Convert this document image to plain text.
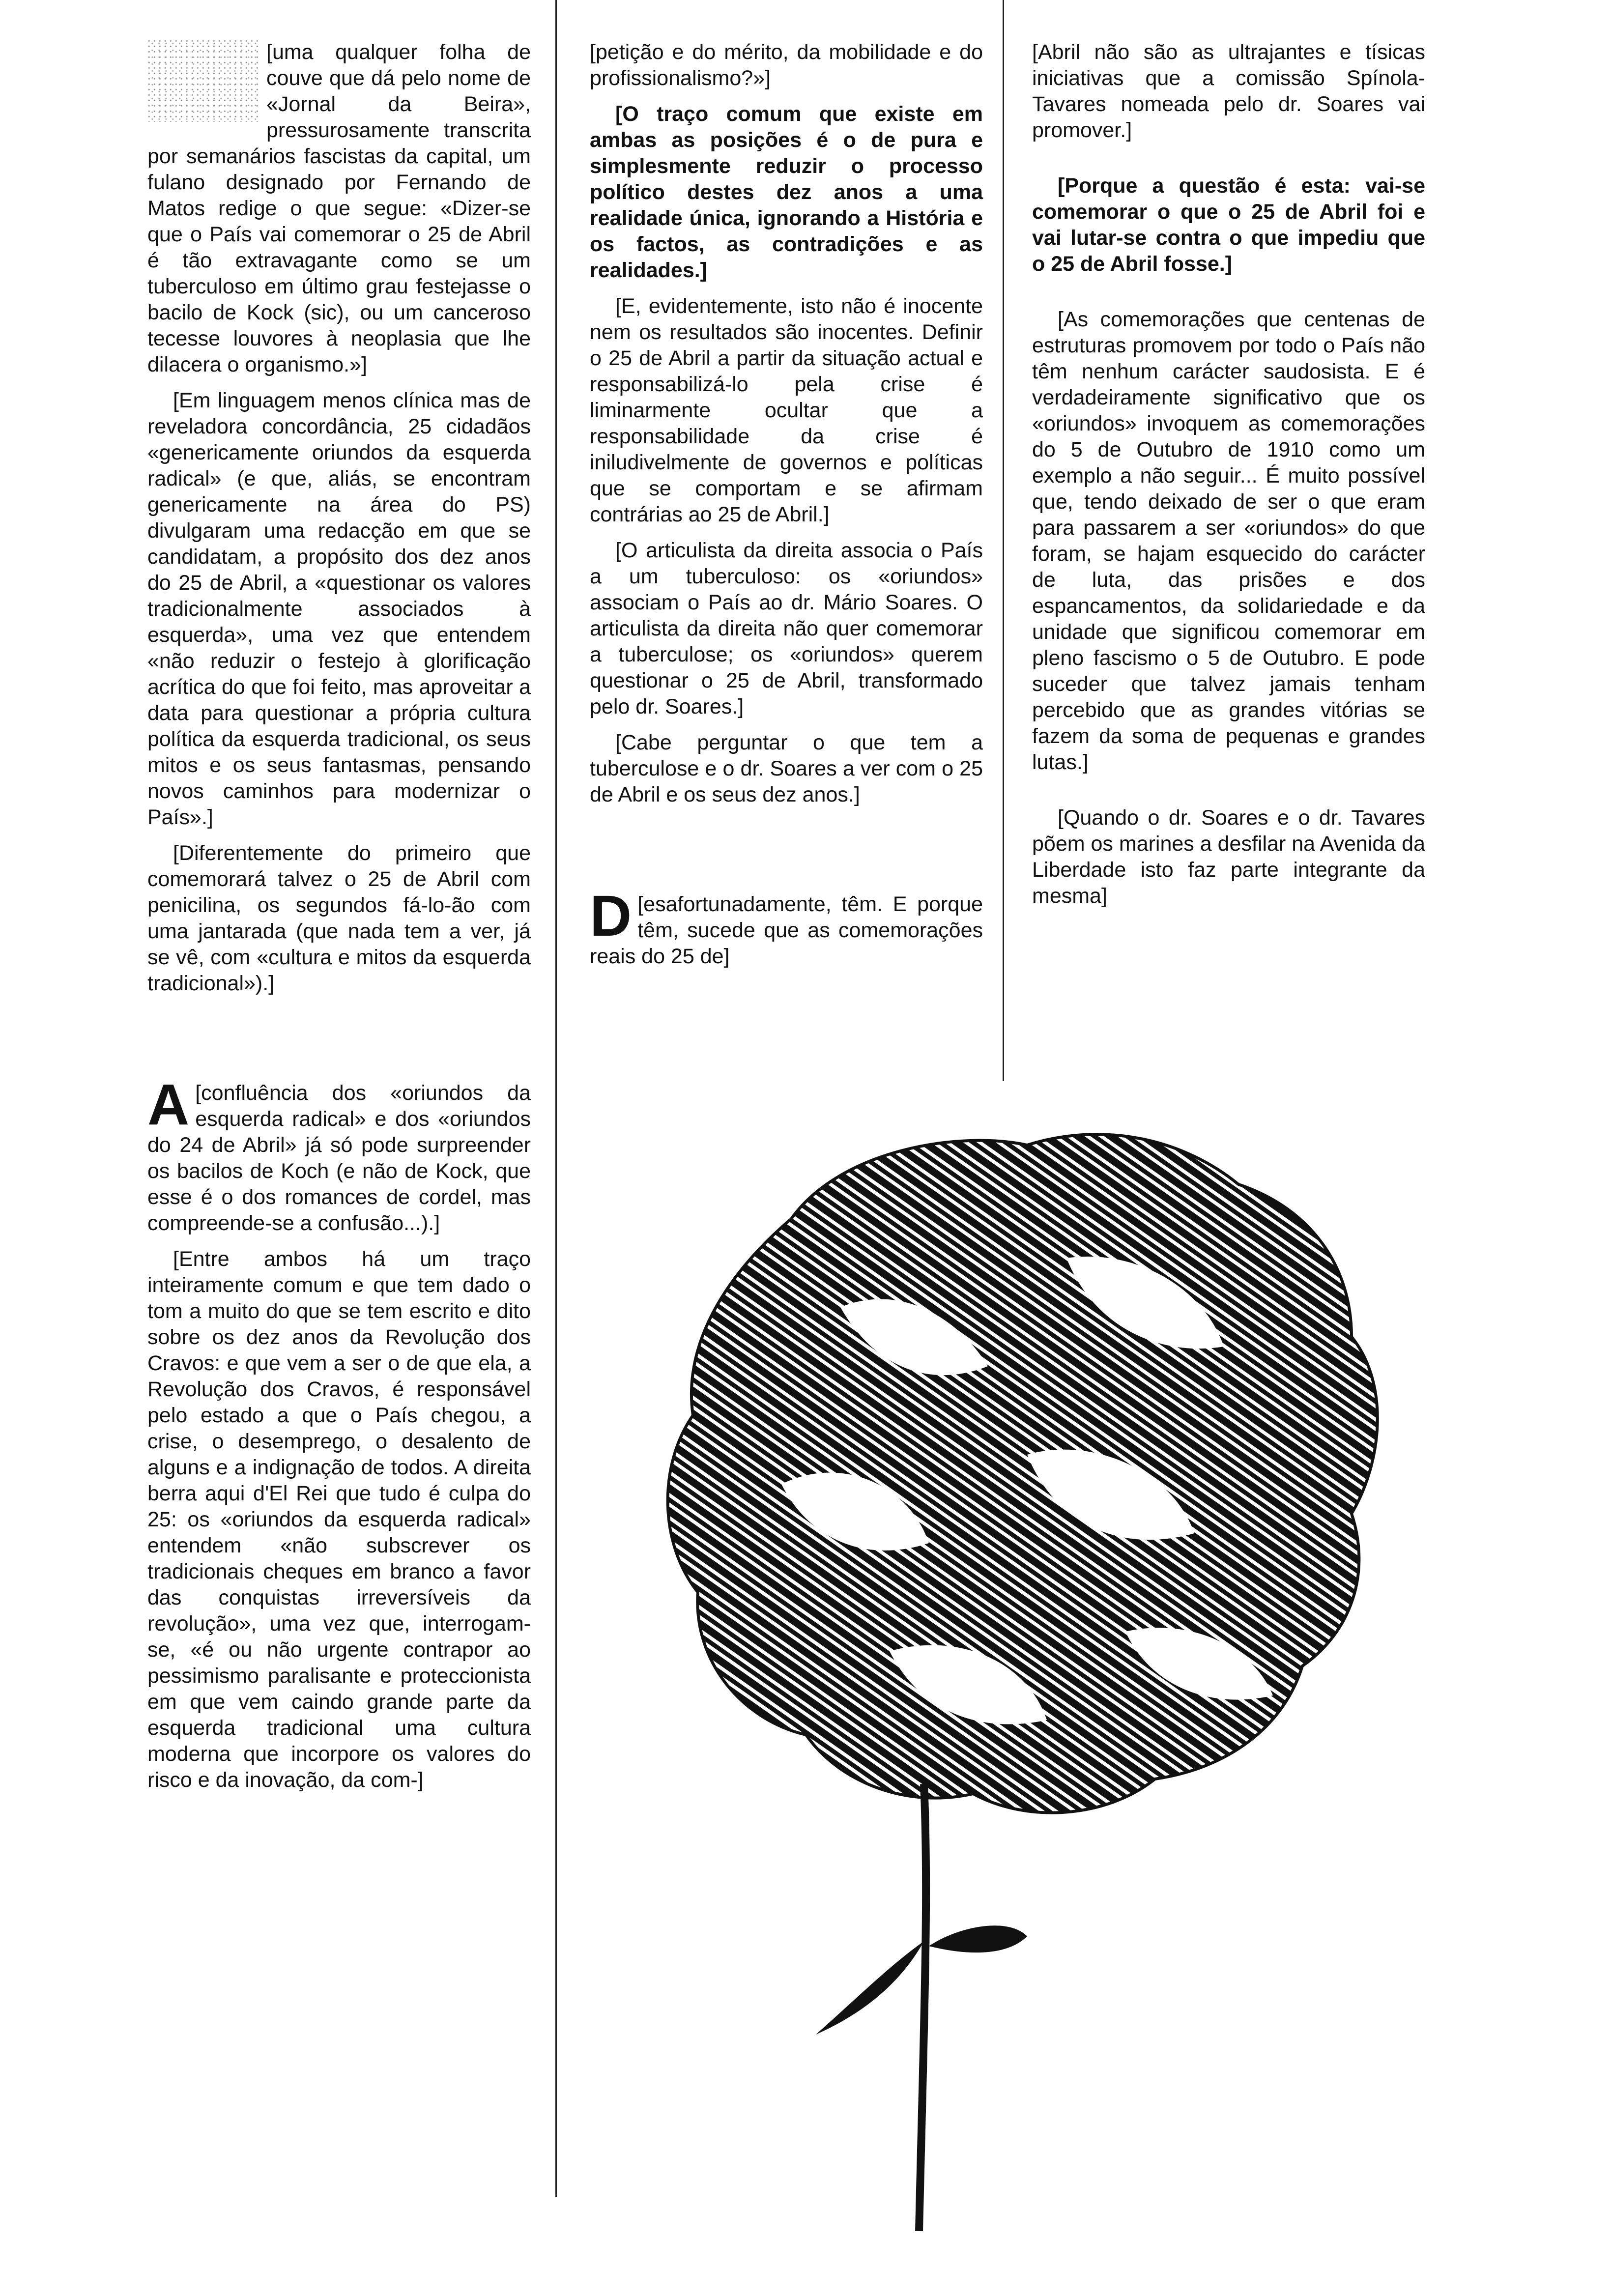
[uma qualquer folha de couve que dá pelo nome de «Jornal da Beira», pressurosamente transcrita por semanários fascistas da capital, um fulano designado por Fernando de Matos redige o que segue: «Dizer-se que o País vai comemorar o 25 de Abril é tão extravagante como se um tuberculoso em último grau festejasse o bacilo de Kock (sic), ou um canceroso tecesse louvores à neoplasia que lhe dilacera o organismo.»]

[Em linguagem menos clínica mas de reveladora concordância, 25 cidadãos «genericamente oriundos da esquerda radical» (e que, aliás, se encontram genericamente na área do PS) divulgaram uma redacção em que se candidatam, a propósito dos dez anos do 25 de Abril, a «questionar os valores tradicionalmente associados à esquerda», uma vez que entendem «não reduzir o festejo à glorificação acrítica do que foi feito, mas aproveitar a data para questionar a própria cultura política da esquerda tradicional, os seus mitos e os seus fantasmas, pensando novos caminhos para modernizar o País».]

[Diferentemente do primeiro que comemorará talvez o 25 de Abril com penicilina, os segundos fá-lo-ão com uma jantarada (que nada tem a ver, já se vê, com «cultura e mitos da esquerda tradicional»).]

A [confluência dos «oriundos da esquerda radical» e dos «oriundos do 24 de Abril» já só pode surpreender os bacilos de Koch (e não de Kock, que esse é o dos romances de cordel, mas compreende-se a confusão...).]

[Entre ambos há um traço inteiramente comum e que tem dado o tom a muito do que se tem escrito e dito sobre os dez anos da Revolução dos Cravos: e que vem a ser o de que ela, a Revolução dos Cravos, é responsável pelo estado a que o País chegou, a crise, o desemprego, o desalento de alguns e a indignação de todos. A direita berra aqui d'El Rei que tudo é culpa do 25: os «oriundos da esquerda radical» entendem «não subscrever os tradicionais cheques em branco a favor das conquistas irreversíveis da revolução», uma vez que, interrogam-se, «é ou não urgente contrapor ao pessimismo paralisante e proteccionista em que vem caindo grande parte da esquerda tradicional uma cultura moderna que incorpore os valores do risco e da inovação, da com-]

[petição e do mérito, da mobilidade e do profissionalismo?»]

[O traço comum que existe em ambas as posições é o de pura e simplesmente reduzir o processo político destes dez anos a uma realidade única, ignorando a História e os factos, as contradições e as realidades.]

[E, evidentemente, isto não é inocente nem os resultados são inocentes. Definir o 25 de Abril a partir da situação actual e responsabilizá-lo pela crise é liminarmente ocultar que a responsabilidade da crise é iniludivelmente de governos e políticas que se comportam e se afirmam contrárias ao 25 de Abril.]

[O articulista da direita associa o País a um tuberculoso: os «oriundos» associam o País ao dr. Mário Soares. O articulista da direita não quer comemorar a tuberculose; os «oriundos» querem questionar o 25 de Abril, transformado pelo dr. Soares.]

[Cabe perguntar o que tem a tuberculose e o dr. Soares a ver com o 25 de Abril e os seus dez anos.]

D [esafortunadamente, têm. E porque têm, sucede que as comemorações reais do 25 de]

[Abril não são as ultrajantes e tísicas iniciativas que a comissão Spínola-Tavares nomeada pelo dr. Soares vai promover.]

[Porque a questão é esta: vai-se comemorar o que o 25 de Abril foi e vai lutar-se contra o que impediu que o 25 de Abril fosse.]

[As comemorações que centenas de estruturas promovem por todo o País não têm nenhum carácter saudosista. E é verdadeiramente significativo que os «oriundos» invoquem as comemorações do 5 de Outubro de 1910 como um exemplo a não seguir... É muito possível que, tendo deixado de ser o que eram para passarem a ser «oriundos» do que foram, se hajam esquecido do carácter de luta, das prisões e dos espancamentos, da solidariedade e da unidade que significou comemorar em pleno fascismo o 5 de Outubro. E pode suceder que talvez jamais tenham percebido que as grandes vitórias se fazem da soma de pequenas e grandes lutas.]

[Quando o dr. Soares e o dr. Tavares põem os marines a desfilar na Avenida da Liberdade isto faz parte integrante da mesma]
